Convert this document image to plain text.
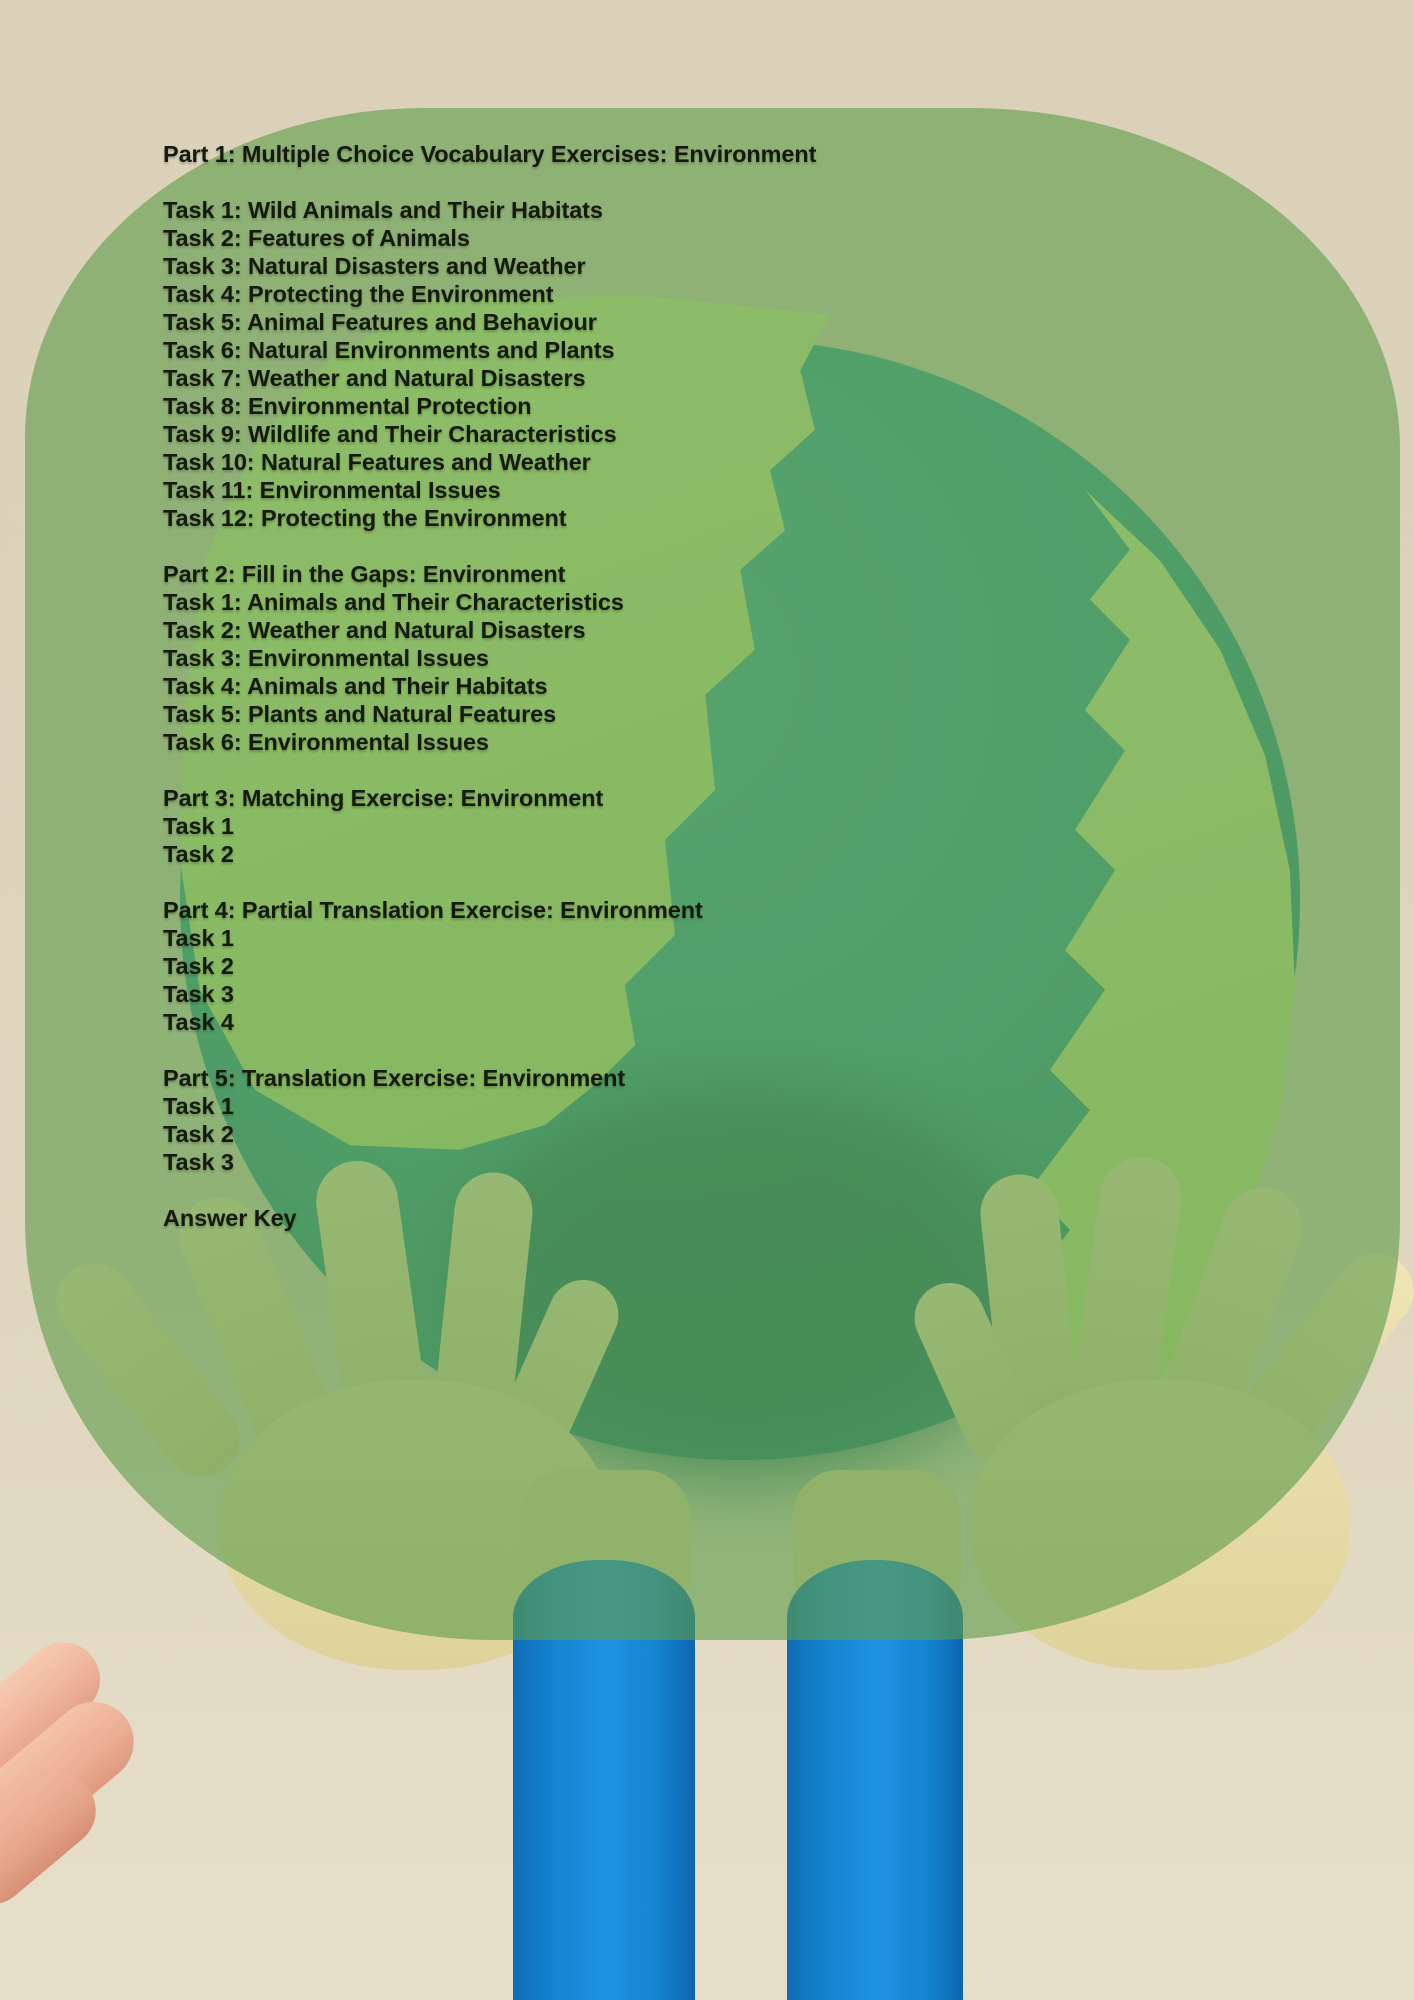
Part 1: Multiple Choice Vocabulary Exercises: Environment
Task 1: Wild Animals and Their Habitats
Task 2: Features of Animals
Task 3: Natural Disasters and Weather
Task 4: Protecting the Environment
Task 5: Animal Features and Behaviour
Task 6: Natural Environments and Plants
Task 7: Weather and Natural Disasters
Task 8: Environmental Protection
Task 9: Wildlife and Their Characteristics
Task 10: Natural Features and Weather
Task 11: Environmental Issues
Task 12: Protecting the Environment
Part 2: Fill in the Gaps: Environment
Task 1: Animals and Their Characteristics
Task 2: Weather and Natural Disasters
Task 3: Environmental Issues
Task 4: Animals and Their Habitats
Task 5: Plants and Natural Features
Task 6: Environmental Issues
Part 3: Matching Exercise: Environment
Task 1
Task 2
Part 4: Partial Translation Exercise: Environment
Task 1
Task 2
Task 3
Task 4
Part 5: Translation Exercise: Environment
Task 1
Task 2
Task 3
Answer Key
